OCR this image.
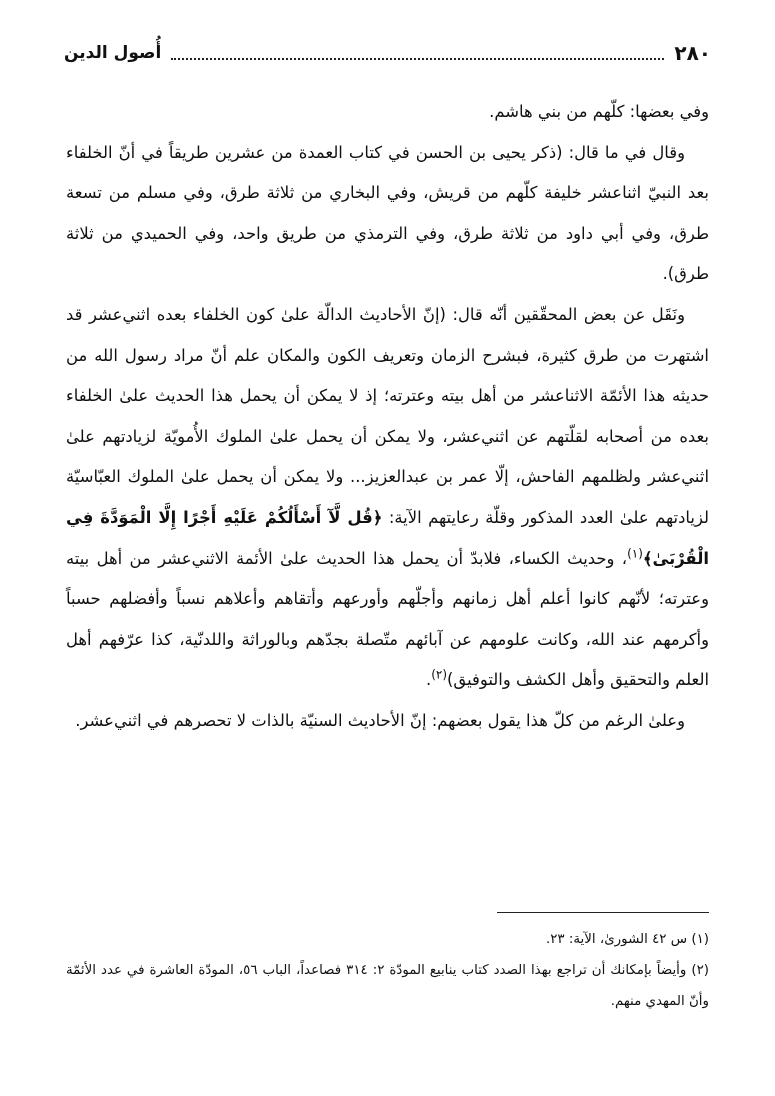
أُصول الدين	٢٨٠

وفي بعضها: كلّهم من بني هاشم.

وقال في ما قال: (ذكر يحيى بن الحسن في كتاب العمدة من عشرين طريقاً في أنّ الخلفاء بعد النبيّ اثناعشر خليفة كلّهم من قريش، وفي البخاري من ثلاثة طرق، وفي مسلم من تسعة طرق، وفي أبي داود من ثلاثة طرق، وفي الترمذي من طريق واحد، وفي الحميدي من ثلاثة طرق).

ونَقَل عن بعض المحقّقين أنّه قال: (إنّ الأحاديث الدالّة علىٰ كون الخلفاء بعده اثني‌عشر قد اشتهرت من طرق كثيرة، فبشرح الزمان وتعريف الكون والمكان علم أنّ مراد رسول الله من حديثه هذا الأئمّة الاثناعشر من أهل بيته وعترته؛ إذ لا يمكن أن يحمل هذا الحديث علىٰ الخلفاء بعده من أصحابه لقلّتهم عن اثني‌عشر، ولا يمكن أن يحمل علىٰ الملوك الأُمويّة لزيادتهم علىٰ اثني‌عشر ولظلمهم الفاحش، إلّا عمر بن عبدالعزيز... ولا يمكن أن يحمل علىٰ الملوك العبّاسيّة لزيادتهم علىٰ العدد المذكور وقلّة رعايتهم الآية: ﴿قُل لَّآ أَسْأَلُكُمْ عَلَيْهِ أَجْرًا إِلَّا الْمَوَدَّةَ فِي الْقُرْبَىٰ﴾$^{(١)}$، وحديث الكساء، فلابدّ أن يحمل هذا الحديث علىٰ الأئمة الاثني‌عشر من أهل بيته وعترته؛ لأنّهم كانوا أعلم أهل زمانهم وأجلّهم وأورعهم وأتقاهم وأعلاهم نسباً وأفضلهم حسباً وأكرمهم عند الله، وكانت علومهم عن آبائهم متّصلة بجدّهم وبالوراثة واللدنّية، كذا عرّفهم أهل العلم والتحقيق وأهل الكشف والتوفيق)$^{(٢)}$.

وعلىٰ الرغم من كلّ هذا يقول بعضهم: إنّ الأحاديث السنيّة بالذات لا تحصرهم في اثني‌عشر.

(١) س ٤٢ الشورىٰ، الآية: ٢٣.

(٢) وأيضاً بإمكانك أن تراجع بهذا الصدد كتاب ينابيع المودّة ٢: ٣١٤ فصاعداً، الباب ٥٦، المودّة العاشرة في عدد الأئمّة وأنّ المهدي منهم.
